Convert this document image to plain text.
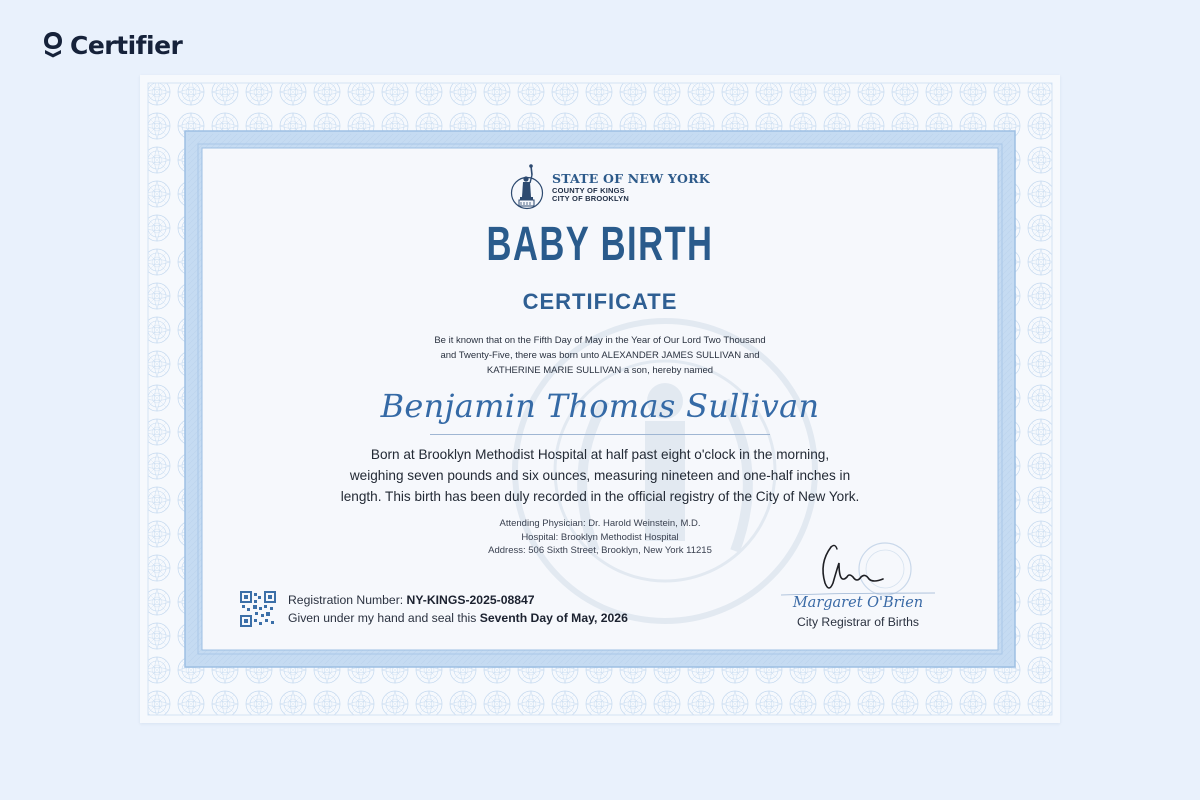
Certifier
STATE OF NEW YORK
COUNTY OF KINGS
CITY OF BROOKLYN
BABY BIRTH
CERTIFICATE
Be it known that on the Fifth Day of May in the Year of Our Lord Two Thousand
and Twenty-Five, there was born unto ALEXANDER JAMES SULLIVAN and
KATHERINE MARIE SULLIVAN a son, hereby named
Benjamin Thomas Sullivan
Born at Brooklyn Methodist Hospital at half past eight o'clock in the morning,
weighing seven pounds and six ounces, measuring nineteen and one-half inches in
length. This birth has been duly recorded in the official registry of the City of New York.
Attending Physician: Dr. Harold Weinstein, M.D.
Hospital: Brooklyn Methodist Hospital
Address: 506 Sixth Street, Brooklyn, New York 11215
Registration Number: NY-KINGS-2025-08847
Given under my hand and seal this Seventh Day of May, 2026
Margaret O'Brien
City Registrar of Births
